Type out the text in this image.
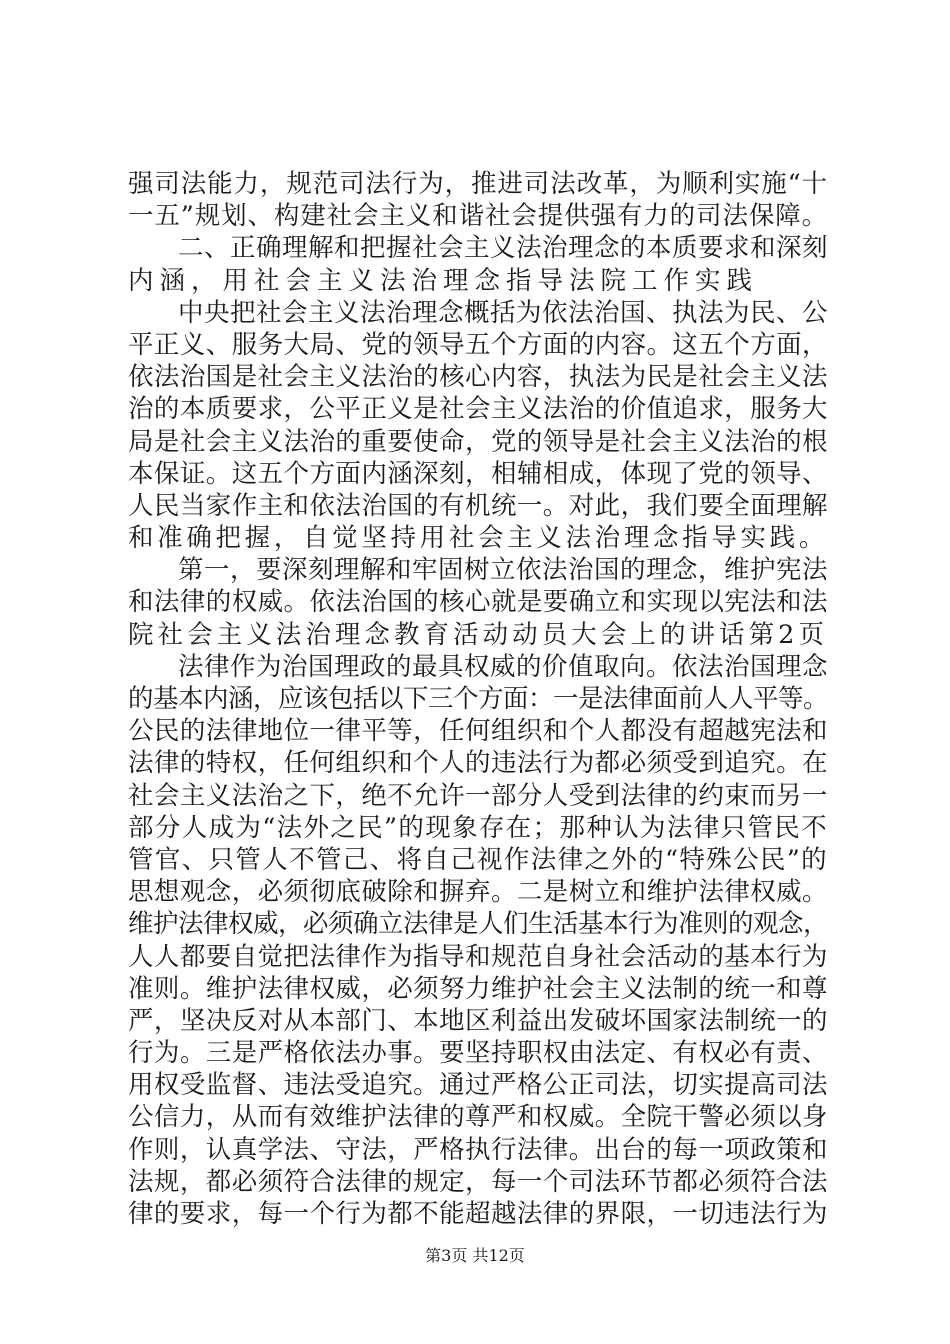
强司法能力，规范司法行为，推进司法改革，为顺利实施“十
一五”规划、构建社会主义和谐社会提供强有力的司法保障。
二、正确理解和把握社会主义法治理念的本质要求和深刻
内涵，用社会主义法治理念指导法院工作实践
中央把社会主义法治理念概括为依法治国、执法为民、公
平正义、服务大局、党的领导五个方面的内容。这五个方面，
依法治国是社会主义法治的核心内容，执法为民是社会主义法
治的本质要求，公平正义是社会主义法治的价值追求，服务大
局是社会主义法治的重要使命，党的领导是社会主义法治的根
本保证。这五个方面内涵深刻，相辅相成，体现了党的领导、
人民当家作主和依法治国的有机统一。对此，我们要全面理解
和准确把握，自觉坚持用社会主义法治理念指导实践。
第一，要深刻理解和牢固树立依法治国的理念，维护宪法
和法律的权威。依法治国的核心就是要确立和实现以宪法和法
院社会主义法治理念教育活动动员大会上的讲话第2页
法律作为治国理政的最具权威的价值取向。依法治国理念
的基本内涵，应该包括以下三个方面：一是法律面前人人平等。
公民的法律地位一律平等，任何组织和个人都没有超越宪法和
法律的特权，任何组织和个人的违法行为都必须受到追究。在
社会主义法治之下，绝不允许一部分人受到法律的约束而另一
部分人成为“法外之民”的现象存在；那种认为法律只管民不
管官、只管人不管己、将自己视作法律之外的“特殊公民”的
思想观念，必须彻底破除和摒弃。二是树立和维护法律权威。
维护法律权威，必须确立法律是人们生活基本行为准则的观念，
人人都要自觉把法律作为指导和规范自身社会活动的基本行为
准则。维护法律权威，必须努力维护社会主义法制的统一和尊
严，坚决反对从本部门、本地区利益出发破坏国家法制统一的
行为。三是严格依法办事。要坚持职权由法定、有权必有责、
用权受监督、违法受追究。通过严格公正司法，切实提高司法
公信力，从而有效维护法律的尊严和权威。全院干警必须以身
作则，认真学法、守法，严格执行法律。出台的每一项政策和
法规，都必须符合法律的规定，每一个司法环节都必须符合法
律的要求，每一个行为都不能超越法律的界限，一切违法行为
第3页 共12页
